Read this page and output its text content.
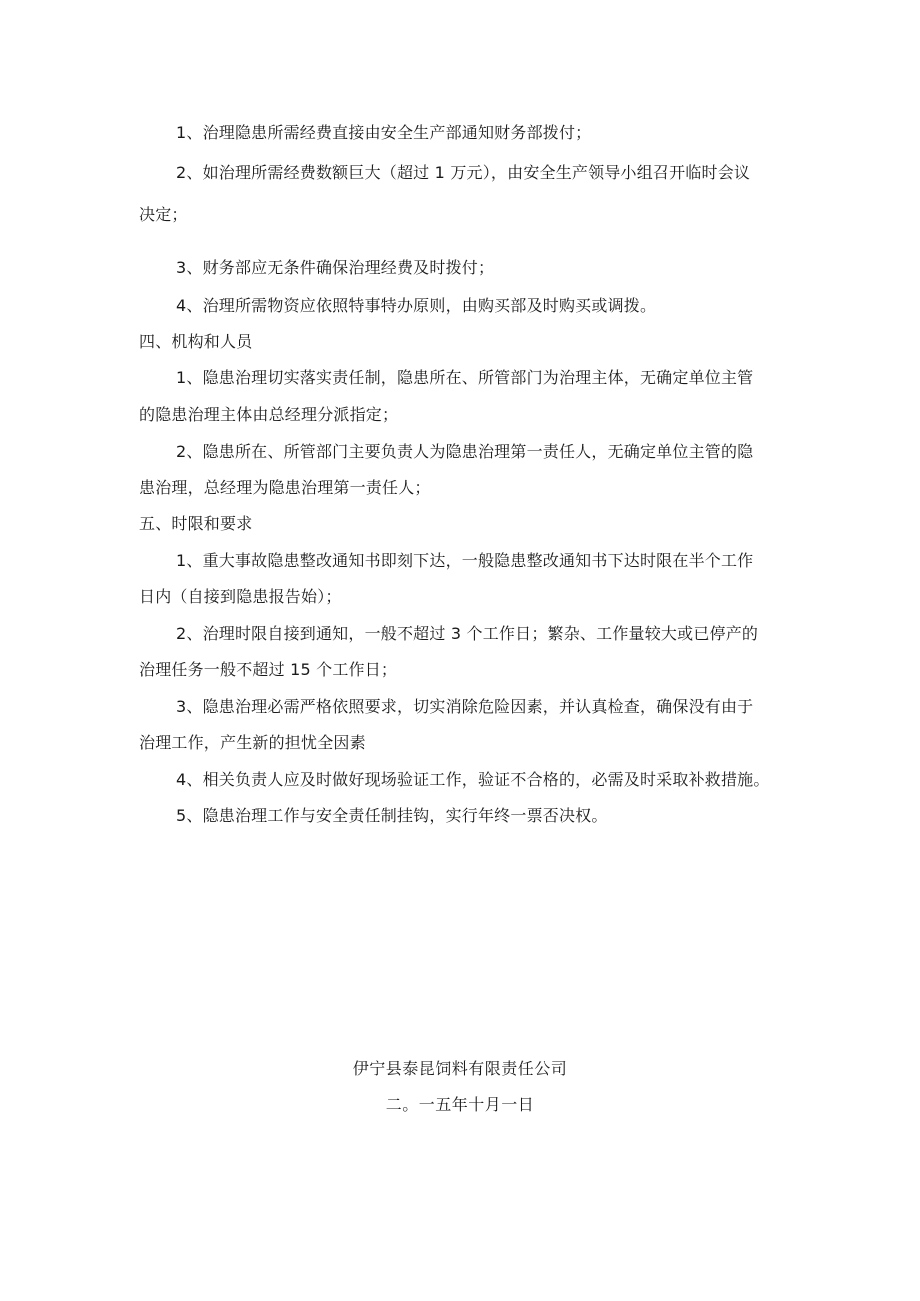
1、治理隐患所需经费直接由安全生产部通知财务部拨付；
2、如治理所需经费数额巨大（超过 1 万元），由安全生产领导小组召开临时会议
决定；
3、财务部应无条件确保治理经费及时拨付；
4、治理所需物资应依照特事特办原则，由购买部及时购买或调拨。
四、机构和人员
1、隐患治理切实落实责任制，隐患所在、所管部门为治理主体，无确定单位主管
的隐患治理主体由总经理分派指定；
2、隐患所在、所管部门主要负责人为隐患治理第一责任人，无确定单位主管的隐
患治理，总经理为隐患治理第一责任人；
五、时限和要求
1、重大事故隐患整改通知书即刻下达，一般隐患整改通知书下达时限在半个工作
日内（自接到隐患报告始）；
2、治理时限自接到通知，一般不超过 3 个工作日；繁杂、工作量较大或已停产的
治理任务一般不超过 15 个工作日；
3、隐患治理必需严格依照要求，切实消除危险因素，并认真检查，确保没有由于
治理工作，产生新的担忧全因素
4、相关负责人应及时做好现场验证工作，验证不合格的，必需及时采取补救措施。
5、隐患治理工作与安全责任制挂钩，实行年终一票否决权。
伊宁县泰昆饲料有限责任公司
二。一五年十月一日
